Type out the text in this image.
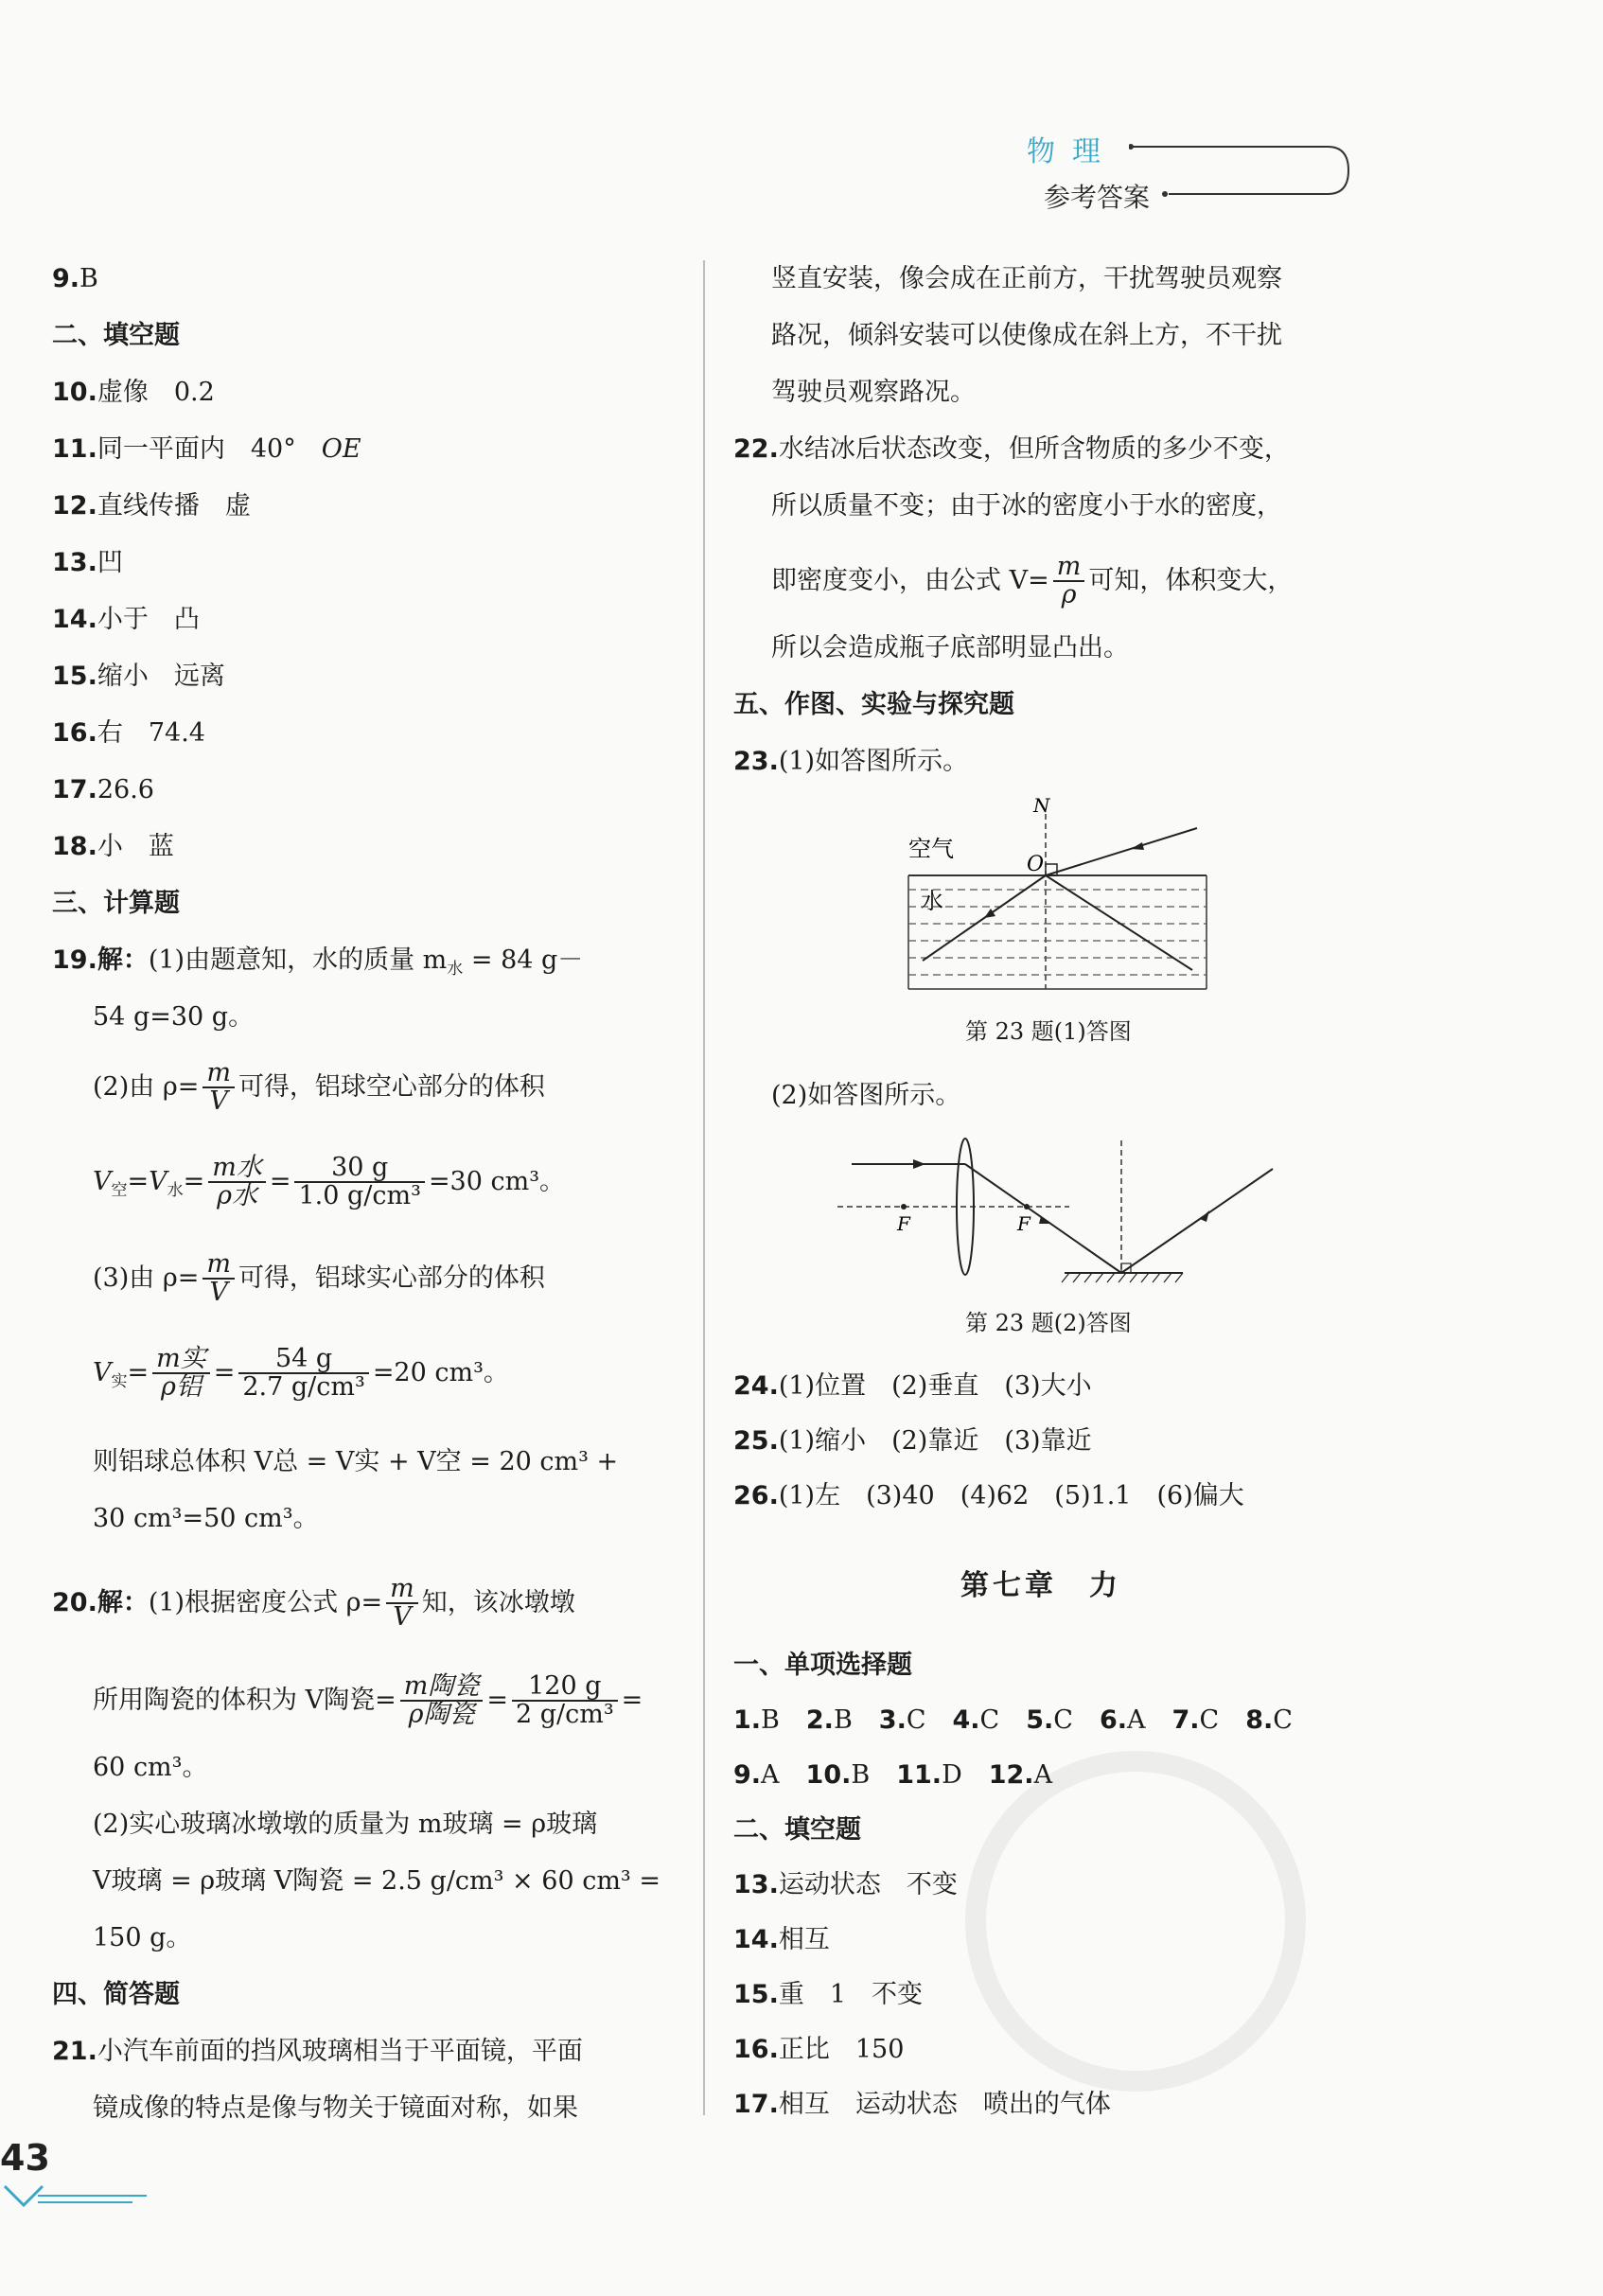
物理
参考答案
9.B
二、填空题
10.虚像　0.2
11.同一平面内　40°　OE
12.直线传播　虚
13.凹
14.小于　凸
15.缩小　远离
16.右　74.4
17.26.6
18.小　蓝
三、计算题
19.解：(1)由题意知，水的质量 $m_水 = 84$ g－
54 g=30 g。
(2)由 $\rho= \frac{m}{V}$ 可得，铝球空心部分的体积
$V_空=V_水= \frac{\text{m水}}{\text{ρ水}} = \frac{30 g}{\text{1.0 g/cm³}} =30$ cm³。
(3)由 $\rho= \frac{m}{V}$ 可得，铝球实心部分的体积
$V_实= \frac{\text{m实}}{\text{ρ铝}} = \frac{54 g}{\text{2.7 g/cm³}} =20$ cm³。
则铝球总体积 V总 = V实 + V空 = 20 cm³ +
30 cm³=50 cm³。
20.解：(1)根据密度公式 $\rho= \frac{m}{V}$ 知，该冰墩墩
所用陶瓷的体积为 V陶瓷= $\frac{\text{m陶瓷}}{\text{ρ陶瓷}} = \frac{120 g}{\text{2 g/cm³}}$ =
60 cm³。
(2)实心玻璃冰墩墩的质量为 m玻璃 = ρ玻璃
V玻璃 = ρ玻璃 V陶瓷 = 2.5 g/cm³ × 60 cm³ =
150 g。
四、简答题
21.小汽车前面的挡风玻璃相当于平面镜，平面
镜成像的特点是像与物关于镜面对称，如果
43
竖直安装，像会成在正前方，干扰驾驶员观察
路况，倾斜安装可以使像成在斜上方，不干扰
驾驶员观察路况。
22.水结冰后状态改变，但所含物质的多少不变，
所以质量不变；由于冰的密度小于水的密度，
即密度变小，由公式 $V= \frac{m}{\rho}$ 可知，体积变大，
所以会造成瓶子底部明显凸出。
五、作图、实验与探究题
23.(1)如答图所示。
N
O
空气
水
第 23 题(1)答图
(2)如答图所示。
F	F
第 23 题(2)答图
24.(1)位置　(2)垂直　(3)大小
25.(1)缩小　(2)靠近　(3)靠近
26.(1)左　(3)40　(4)62　(5)1.1　(6)偏大
第七章　力
一、单项选择题
1.B 2.B 3.C 4.C 5.C 6.A 7.C 8.C
9.A 10.B 11.D 12.A
二、填空题
13.运动状态　不变
14.相互
15.重　1　不变
16.正比　150
17.相互　运动状态　喷出的气体
